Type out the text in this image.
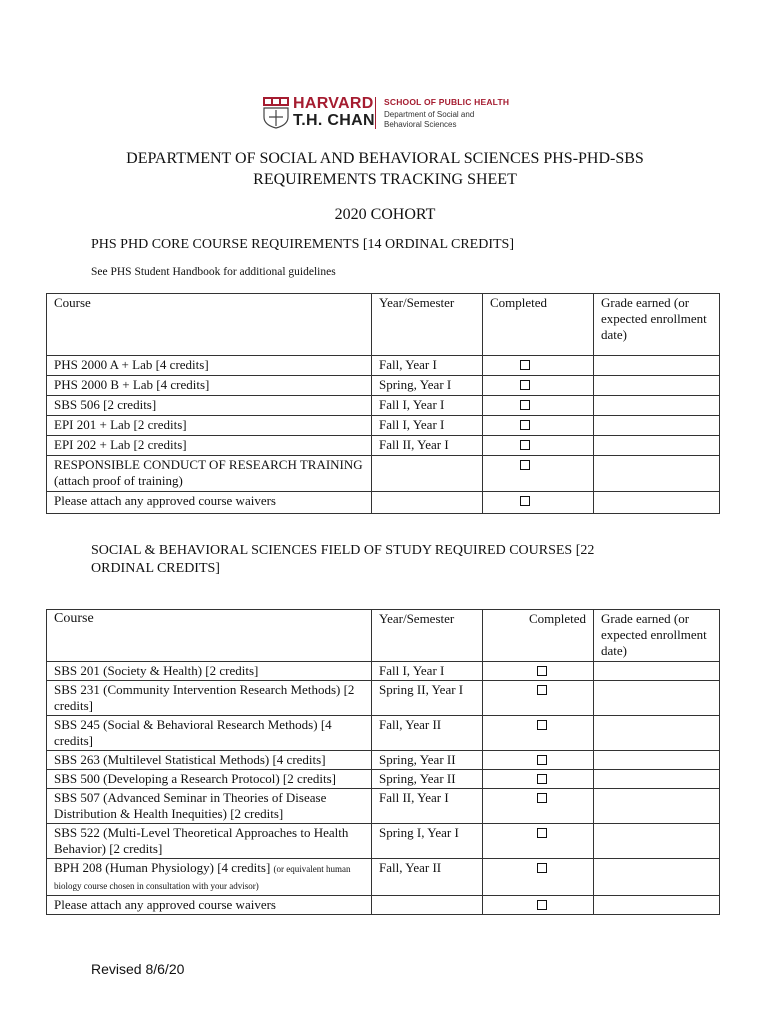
HARVARD
T.H. CHAN
SCHOOL OF PUBLIC HEALTH
Department of Social and Behavioral Sciences
DEPARTMENT OF SOCIAL AND BEHAVIORAL SCIENCES PHS-PHD-SBS
REQUIREMENTS TRACKING SHEET
2020 COHORT
PHS PHD CORE COURSE REQUIREMENTS [14 ORDINAL CREDITS]
See PHS Student Handbook for additional guidelines
Course	Year/Semester	Completed	Grade earned (or expected enrollment date)
PHS 2000 A + Lab [4 credits]	Fall, Year I	

PHS 2000 B + Lab [4 credits]	Spring, Year I	

SBS 506 [2 credits]	Fall I, Year I	

EPI 201 + Lab [2 credits]	Fall I, Year I	

EPI 202 + Lab [2 credits]	Fall II, Year I	

RESPONSIBLE CONDUCT OF RESEARCH TRAINING (attach proof of training)		

Please attach any approved course waivers		

SOCIAL & BEHAVIORAL SCIENCES FIELD OF STUDY REQUIRED COURSES [22 ORDINAL CREDITS]
Course	Year/Semester	Completed	Grade earned (or expected enrollment date)
SBS 201 (Society & Health) [2 credits]	Fall I, Year I	

SBS 231 (Community Intervention Research Methods) [2 credits]	Spring II, Year I	

SBS 245 (Social & Behavioral Research Methods) [4 credits]	Fall, Year II	

SBS 263 (Multilevel Statistical Methods) [4 credits]	Spring, Year II	

SBS 500 (Developing a Research Protocol) [2 credits]	Spring, Year II	

SBS 507 (Advanced Seminar in Theories of Disease Distribution & Health Inequities) [2 credits]	Fall II, Year I	

SBS 522 (Multi-Level Theoretical Approaches to Health Behavior) [2 credits]	Spring I, Year I	

BPH 208 (Human Physiology) [4 credits] (or equivalent human biology course chosen in consultation with your advisor)	Fall, Year II	

Please attach any approved course waivers		

Revised 8/6/20
